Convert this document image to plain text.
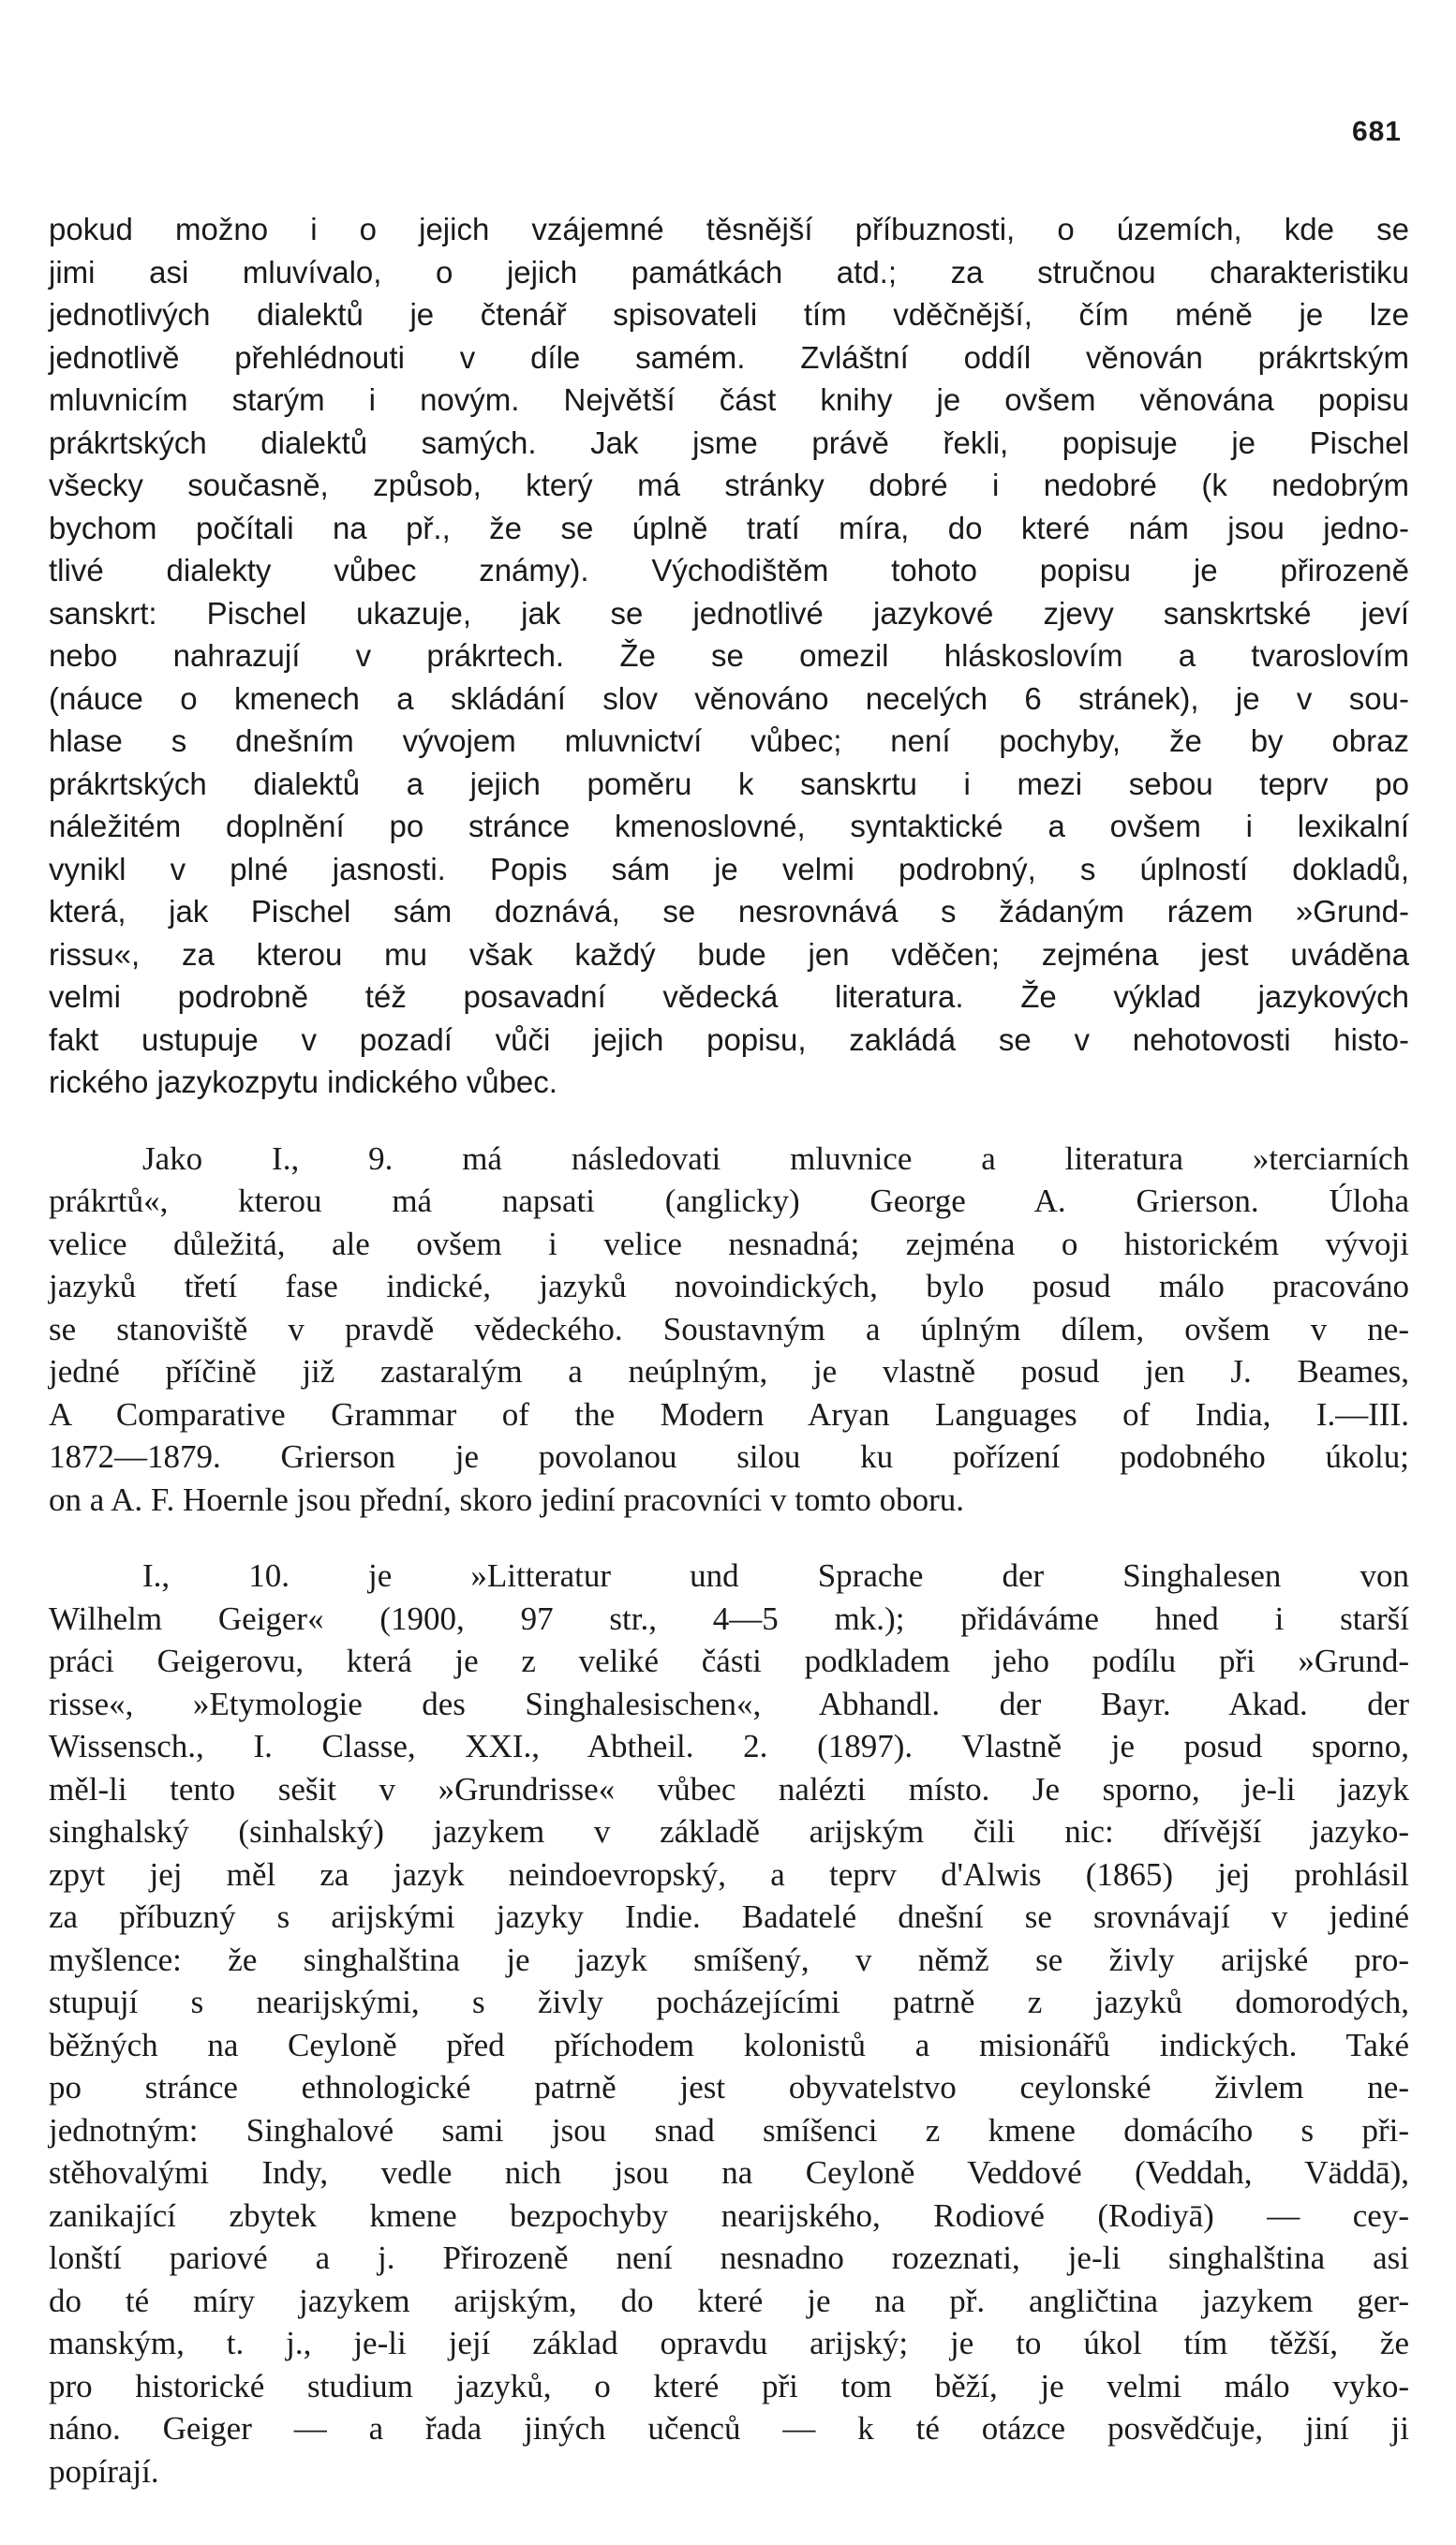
681
pokud možno i o jejich vzájemné těsnější příbuznosti, o územích, kde se
jimi asi mluvívalo, o jejich památkách atd.; za stručnou charakteristiku
jednotlivých dialektů je čtenář spisovateli tím vděčnější, čím méně je lze
jednotlivě přehlédnouti v díle samém. Zvláštní oddíl věnován prákrtským
mluvnicím starým i novým. Největší část knihy je ovšem věnována popisu
prákrtských dialektů samých. Jak jsme právě řekli, popisuje je Pischel
všecky současně, způsob, který má stránky dobré i nedobré (k nedobrým
bychom počítali na př., že se úplně tratí míra, do které nám jsou jedno-
tlivé dialekty vůbec známy). Východištěm tohoto popisu je přirozeně
sanskrt: Pischel ukazuje, jak se jednotlivé jazykové zjevy sanskrtské jeví
nebo nahrazují v prákrtech. Že se omezil hláskoslovím a tvaroslovím
(náuce o kmenech a skládání slov věnováno necelých 6 stránek), je v sou-
hlase s dnešním vývojem mluvnictví vůbec; není pochyby, že by obraz
prákrtských dialektů a jejich poměru k sanskrtu i mezi sebou teprv po
náležitém doplnění po stránce kmenoslovné, syntaktické a ovšem i lexikalní
vynikl v plné jasnosti. Popis sám je velmi podrobný, s úplností dokladů,
která, jak Pischel sám doznává, se nesrovnává s žádaným rázem »Grund-
rissu«, za kterou mu však každý bude jen vděčen; zejména jest uváděna
velmi podrobně též posavadní vědecká literatura. Že výklad jazykových
fakt ustupuje v pozadí vůči jejich popisu, zakládá se v nehotovosti histo-
rického jazykozpytu indického vůbec.
Jako I., 9. má následovati mluvnice a literatura »terciarních
prákrtů«, kterou má napsati (anglicky) George A. Grierson. Úloha
velice důležitá, ale ovšem i velice nesnadná; zejména o historickém vývoji
jazyků třetí fase indické, jazyků novoindických, bylo posud málo pracováno
se stanoviště v pravdě vědeckého. Soustavným a úplným dílem, ovšem v ne-
jedné příčině již zastaralým a neúplným, je vlastně posud jen J. Beames,
A Comparative Grammar of the Modern Aryan Languages of India, I.—III.
1872—1879. Grierson je povolanou silou ku pořízení podobného úkolu;
on a A. F. Hoernle jsou přední, skoro jediní pracovníci v tomto oboru.
I., 10. je »Litteratur und Sprache der Singhalesen von
Wilhelm Geiger« (1900, 97 str., 4—5 mk.); přidáváme hned i starší
práci Geigerovu, která je z veliké části podkladem jeho podílu při »Grund-
risse«, »Etymologie des Singhalesischen«, Abhandl. der Bayr. Akad. der
Wissensch., I. Classe, XXI., Abtheil. 2. (1897). Vlastně je posud sporno,
měl-li tento sešit v »Grundrisse« vůbec nalézti místo. Je sporno, je-li jazyk
singhalský (sinhalský) jazykem v základě arijským čili nic: dřívější jazyko-
zpyt jej měl za jazyk neindoevropský, a teprv d'Alwis (1865) jej prohlásil
za příbuzný s arijskými jazyky Indie. Badatelé dnešní se srovnávají v jediné
myšlence: že singhalština je jazyk smíšený, v němž se živly arijské pro-
stupují s nearijskými, s živly pocházejícími patrně z jazyků domorodých,
běžných na Ceyloně před příchodem kolonistů a misionářů indických. Také
po stránce ethnologické patrně jest obyvatelstvo ceylonské živlem ne-
jednotným: Singhalové sami jsou snad smíšenci z kmene domácího s při-
stěhovalými Indy, vedle nich jsou na Ceyloně Veddové (Veddah, Väddā),
zanikající zbytek kmene bezpochyby nearijského, Rodiové (Rodiyā) — cey-
lonští pariové a j. Přirozeně není nesnadno rozeznati, je-li singhalština asi
do té míry jazykem arijským, do které je na př. angličtina jazykem ger-
manským, t. j., je-li její základ opravdu arijský; je to úkol tím těžší, že
pro historické studium jazyků, o které při tom běží, je velmi málo vyko-
náno. Geiger — a řada jiných učenců — k té otázce posvědčuje, jiní ji
popírají.
